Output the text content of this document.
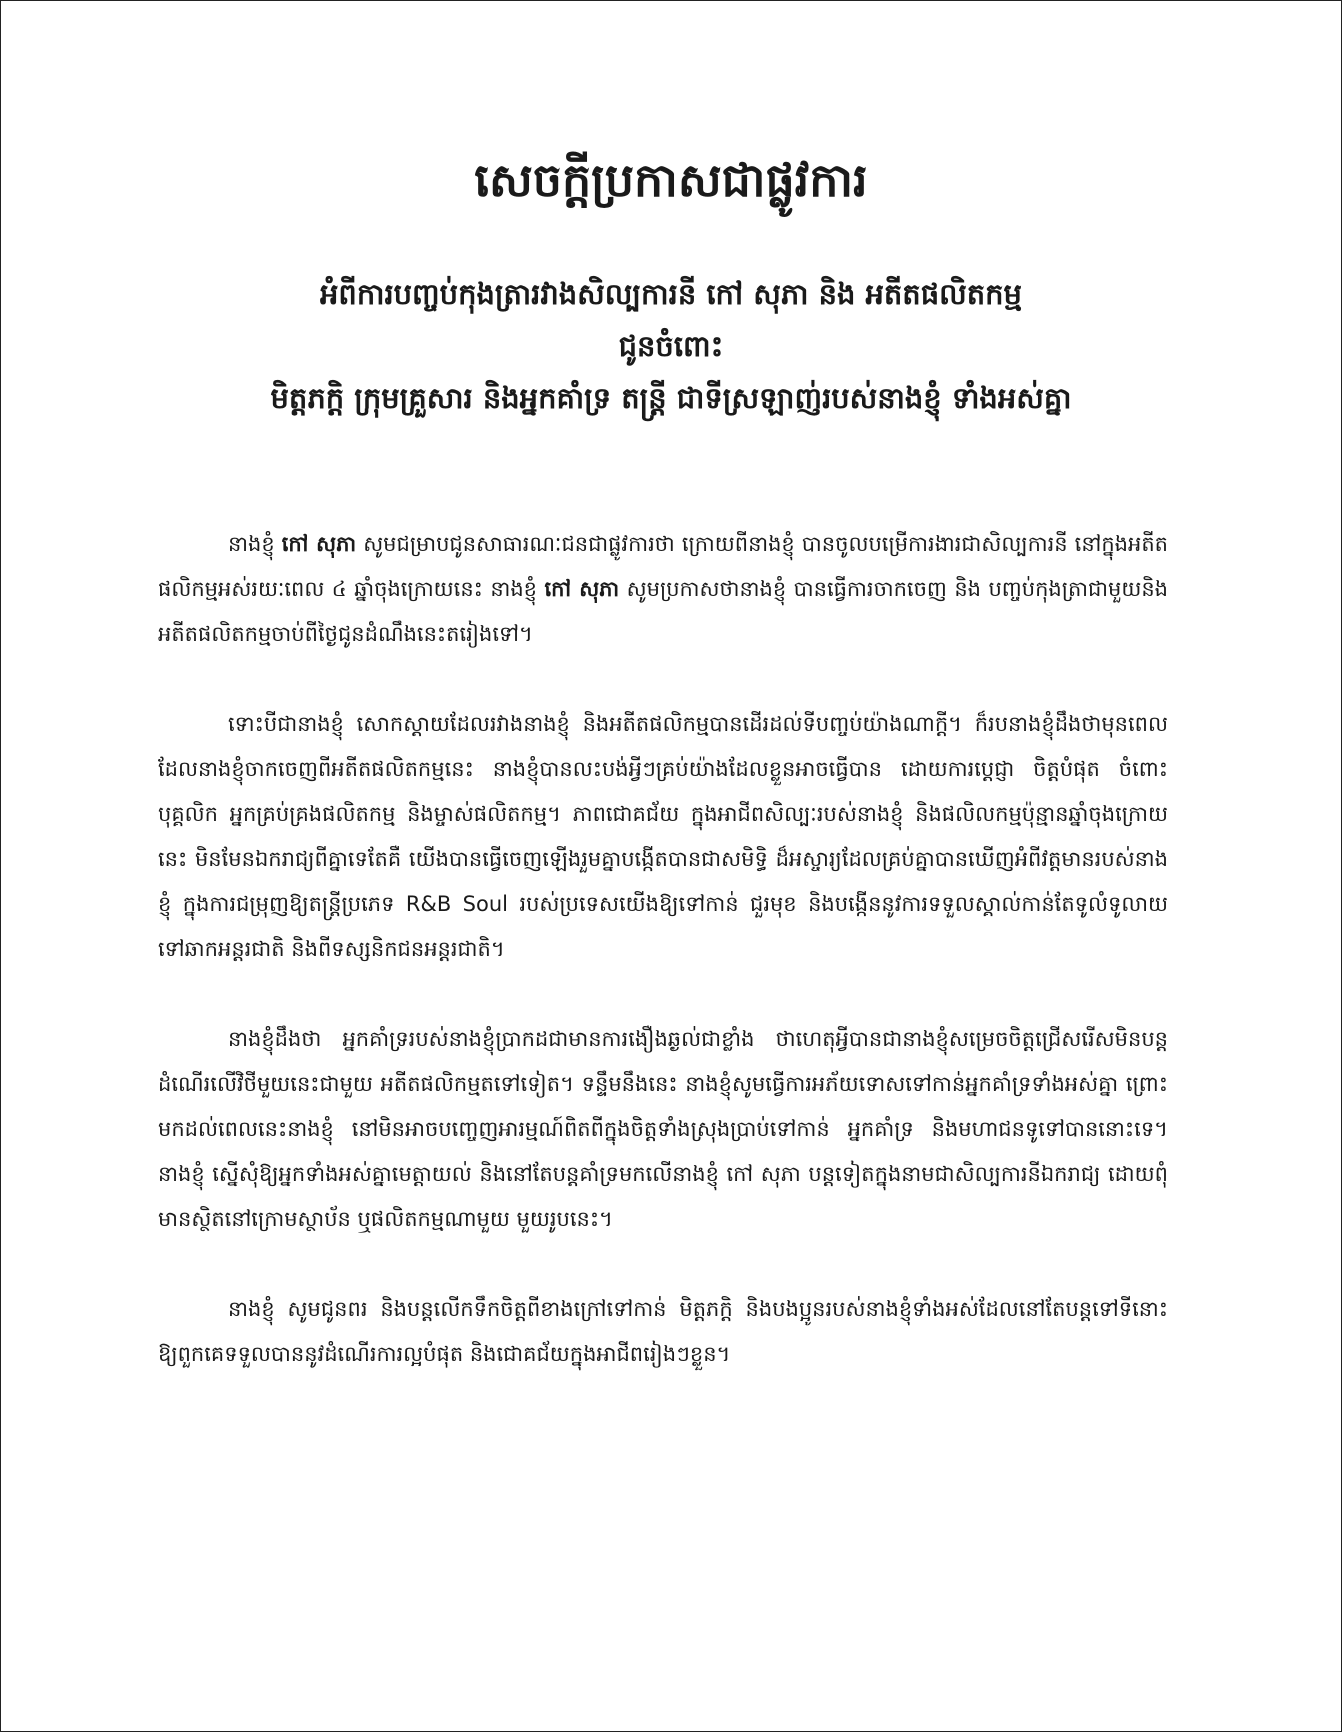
សេចក្តីប្រកាសជាផ្លូវការ
អំពីការបញ្ចប់កុងត្រារវាងសិល្បការនី កៅ សុភា និង អតីតផលិតកម្ម
ជូនចំពោះ
មិត្តភក្តិ ក្រុមគ្រួសារ និងអ្នកគាំទ្រ តន្ត្រី ជាទីស្រឡាញ់របស់នាងខ្ញុំ ទាំងអស់គ្នា

នាងខ្ញុំ កៅ សុភា សូមជម្រាបជូនសាធារណៈជនជាផ្លូវការថា ក្រោយពីនាងខ្ញុំ បានចូលបម្រើការងារជាសិល្បការនី នៅក្នុងអតីតផលិកម្មអស់រយៈពេល ៤ ឆ្នាំចុងក្រោយនេះ នាងខ្ញុំ កៅ សុភា សូមប្រកាសថានាងខ្ញុំ បានធ្វើការចាកចេញ និង បញ្ចប់កុងត្រាជាមួយនិង អតីតផលិតកម្មចាប់ពីថ្ងៃជូនដំណឹងនេះតរៀងទៅ។

ទោះបីជានាងខ្ញុំ សោកស្តាយដែលរវាងនាងខ្ញុំ និងអតីតផលិកម្មបានដើរដល់ទីបញ្ចប់យ៉ាងណាក្តី។ ក៏របនាងខ្ញុំដឹងថាមុនពេលដែលនាងខ្ញុំចាកចេញពីអតីតផលិតកម្មនេះ នាងខ្ញុំបានលះបង់អ្វីៗគ្រប់យ៉ាងដែលខ្លួនអាចធ្វើបាន ដោយការប្តេជ្ញា ចិត្តបំផុត ចំពោះបុគ្គលិក អ្នកគ្រប់គ្រងផលិតកម្ម និងម្ចាស់ផលិតកម្ម។ ភាពជោគជ័យ ក្នុងអាជីពសិល្បៈរបស់នាងខ្ញុំ និងផលិលកម្មប៉ុន្មានឆ្នាំចុងក្រោយនេះ មិនមែនឯករាជ្យពីគ្នាទេតែគឺ យើងបានធ្វើចេញឡើងរួមគ្នាបង្កើតបានជាសមិទ្ធិ ដ៏អស្ចារ្យដែលគ្រប់គ្នាបានឃើញអំពីវត្តមានរបស់នាងខ្ញុំ ក្នុងការជម្រុញឱ្យតន្រ្តីប្រភេទ R&B Soul របស់ប្រទេសយើងឱ្យទៅកាន់ ជួរមុខ និងបង្កើននូវការទទួលស្គាល់កាន់តែទូលំទូលាយទៅឆាកអន្តរជាតិ និងពីទស្សនិកជនអន្តរជាតិ។

នាងខ្ញុំដឹងថា អ្នកគាំទ្ររបស់នាងខ្ញុំប្រាកដជាមានការងឿងឆ្ងល់ជាខ្លាំង ថាហេតុអ្វីបានជានាងខ្ញុំសម្រេចចិត្តជ្រើសរើសមិនបន្តដំណើរលើវិថីមួយនេះជាមួយ អតីតផលិកម្មតទៅទៀត។ ទន្ទឹមនឹងនេះ នាងខ្ញុំសូមធ្វើការអភ័យទោសទៅកាន់អ្នកគាំទ្រទាំងអស់គ្នា ព្រោះមកដល់ពេលនេះនាងខ្ញុំ នៅមិនអាចបញ្ចេញអារម្មណ៍ពិតពីក្នុងចិត្តទាំងស្រុងប្រាប់ទៅកាន់ អ្នកគាំទ្រ និងមហាជនទូទៅបាននោះទេ។ នាងខ្ញុំ ស្នើសុំឱ្យអ្នកទាំងអស់គ្នាមេត្តាយល់ និងនៅតែបន្តគាំទ្រមកលើនាងខ្ញុំ កៅ សុភា បន្តទៀតក្នុងនាមជាសិល្បការនីឯករាជ្យ ដោយពុំមានស្ថិតនៅក្រោមស្ថាប័ន ឬផលិតកម្មណាមួយ មួយរូបនេះ។

នាងខ្ញុំ សូមជូនពរ និងបន្តលើកទឹកចិត្តពីខាងក្រៅទៅកាន់ មិត្តភក្តិ និងបងប្អូនរបស់នាងខ្ញុំទាំងអស់ដែលនៅតែបន្តទៅទីនោះ ឱ្យពួកគេទទួលបាននូវដំណើរការល្អបំផុត និងជោគជ័យក្នុងអាជីពរៀងៗខ្លួន។
